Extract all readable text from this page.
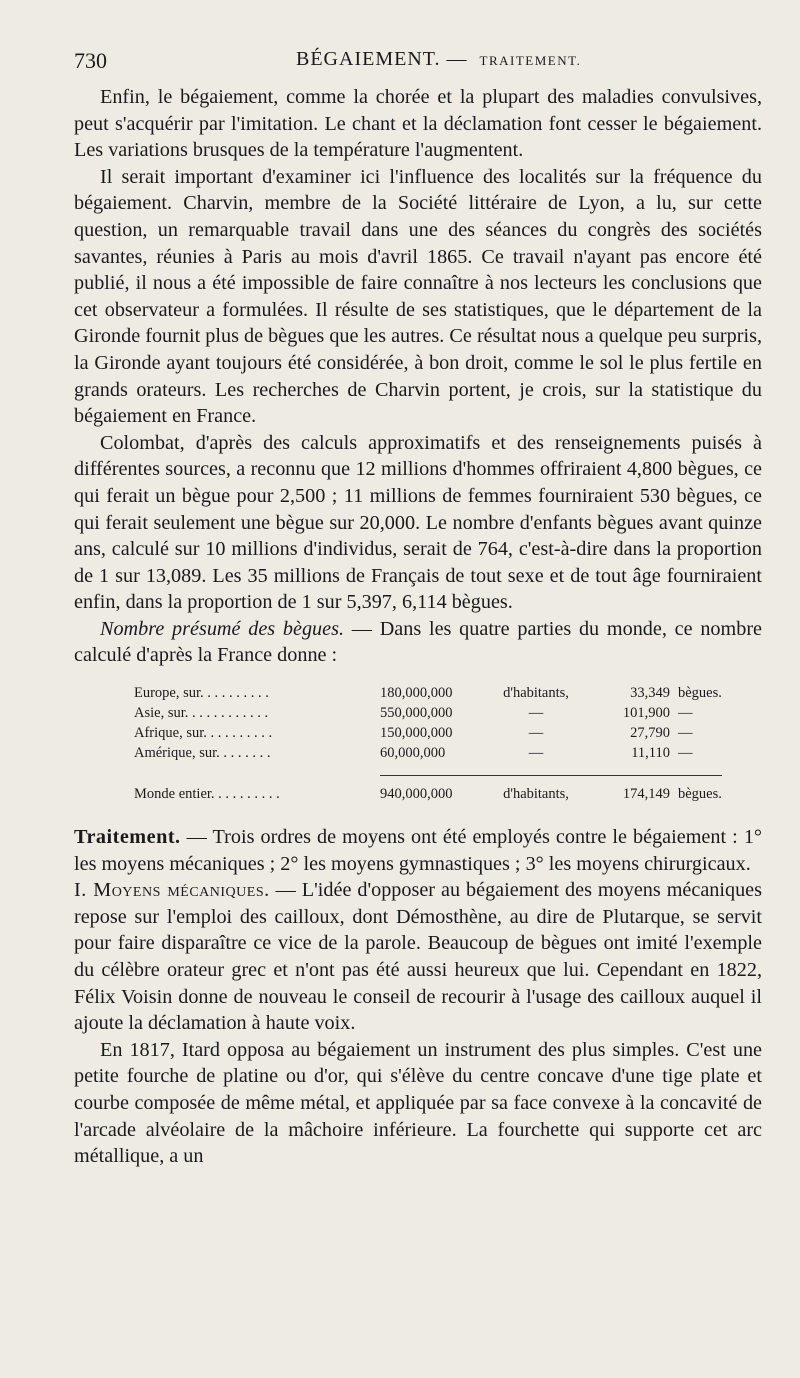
730	BÉGAIEMENT. — TRAITEMENT.

Enfin, le bégaiement, comme la chorée et la plupart des maladies convulsives, peut s'acquérir par l'imitation. Le chant et la déclamation font cesser le bégaiement. Les variations brusques de la température l'augmentent.

Il serait important d'examiner ici l'influence des localités sur la fréquence du bégaiement. Charvin, membre de la Société littéraire de Lyon, a lu, sur cette question, un remarquable travail dans une des séances du congrès des sociétés savantes, réunies à Paris au mois d'avril 1865. Ce travail n'ayant pas encore été publié, il nous a été impossible de faire connaître à nos lecteurs les conclusions que cet observateur a formulées. Il résulte de ses statistiques, que le département de la Gironde fournit plus de bègues que les autres. Ce résultat nous a quelque peu surpris, la Gironde ayant toujours été considérée, à bon droit, comme le sol le plus fertile en grands orateurs. Les recherches de Charvin portent, je crois, sur la statistique du bégaiement en France.

Colombat, d'après des calculs approximatifs et des renseignements puisés à différentes sources, a reconnu que 12 millions d'hommes offriraient 4,800 bègues, ce qui ferait un bègue pour 2,500 ; 11 millions de femmes fourniraient 530 bègues, ce qui ferait seulement une bègue sur 20,000. Le nombre d'enfants bègues avant quinze ans, calculé sur 10 millions d'individus, serait de 764, c'est-à-dire dans la proportion de 1 sur 13,089. Les 35 millions de Français de tout sexe et de tout âge fourniraient enfin, dans la proportion de 1 sur 5,397, 6,114 bègues.

Nombre présumé des bègues. — Dans les quatre parties du monde, ce nombre calculé d'après la France donne :

Europe, sur. . . . . . . . . .	180,000,000	d'habitants,	33,349	bègues.
Asie, sur. . . . . . . . . . . .	550,000,000	—	101,900	—
Afrique, sur. . . . . . . . . .	150,000,000	—	27,790	—
Amérique, sur. . . . . . . .	60,000,000	—	11,110	—

Monde entier. . . . . . . . . .	940,000,000	d'habitants,	174,149	bègues.

Traitement. — Trois ordres de moyens ont été employés contre le bégaiement : 1° les moyens mécaniques ; 2° les moyens gymnastiques ; 3° les moyens chirurgicaux.

I. Moyens mécaniques. — L'idée d'opposer au bégaiement des moyens mécaniques repose sur l'emploi des cailloux, dont Démosthène, au dire de Plutarque, se servit pour faire disparaître ce vice de la parole. Beaucoup de bègues ont imité l'exemple du célèbre orateur grec et n'ont pas été aussi heureux que lui. Cependant en 1822, Félix Voisin donne de nouveau le conseil de recourir à l'usage des cailloux auquel il ajoute la déclamation à haute voix.

En 1817, Itard opposa au bégaiement un instrument des plus simples. C'est une petite fourche de platine ou d'or, qui s'élève du centre concave d'une tige plate et courbe composée de même métal, et appliquée par sa face convexe à la concavité de l'arcade alvéolaire de la mâchoire inférieure. La fourchette qui supporte cet arc métallique, a un
